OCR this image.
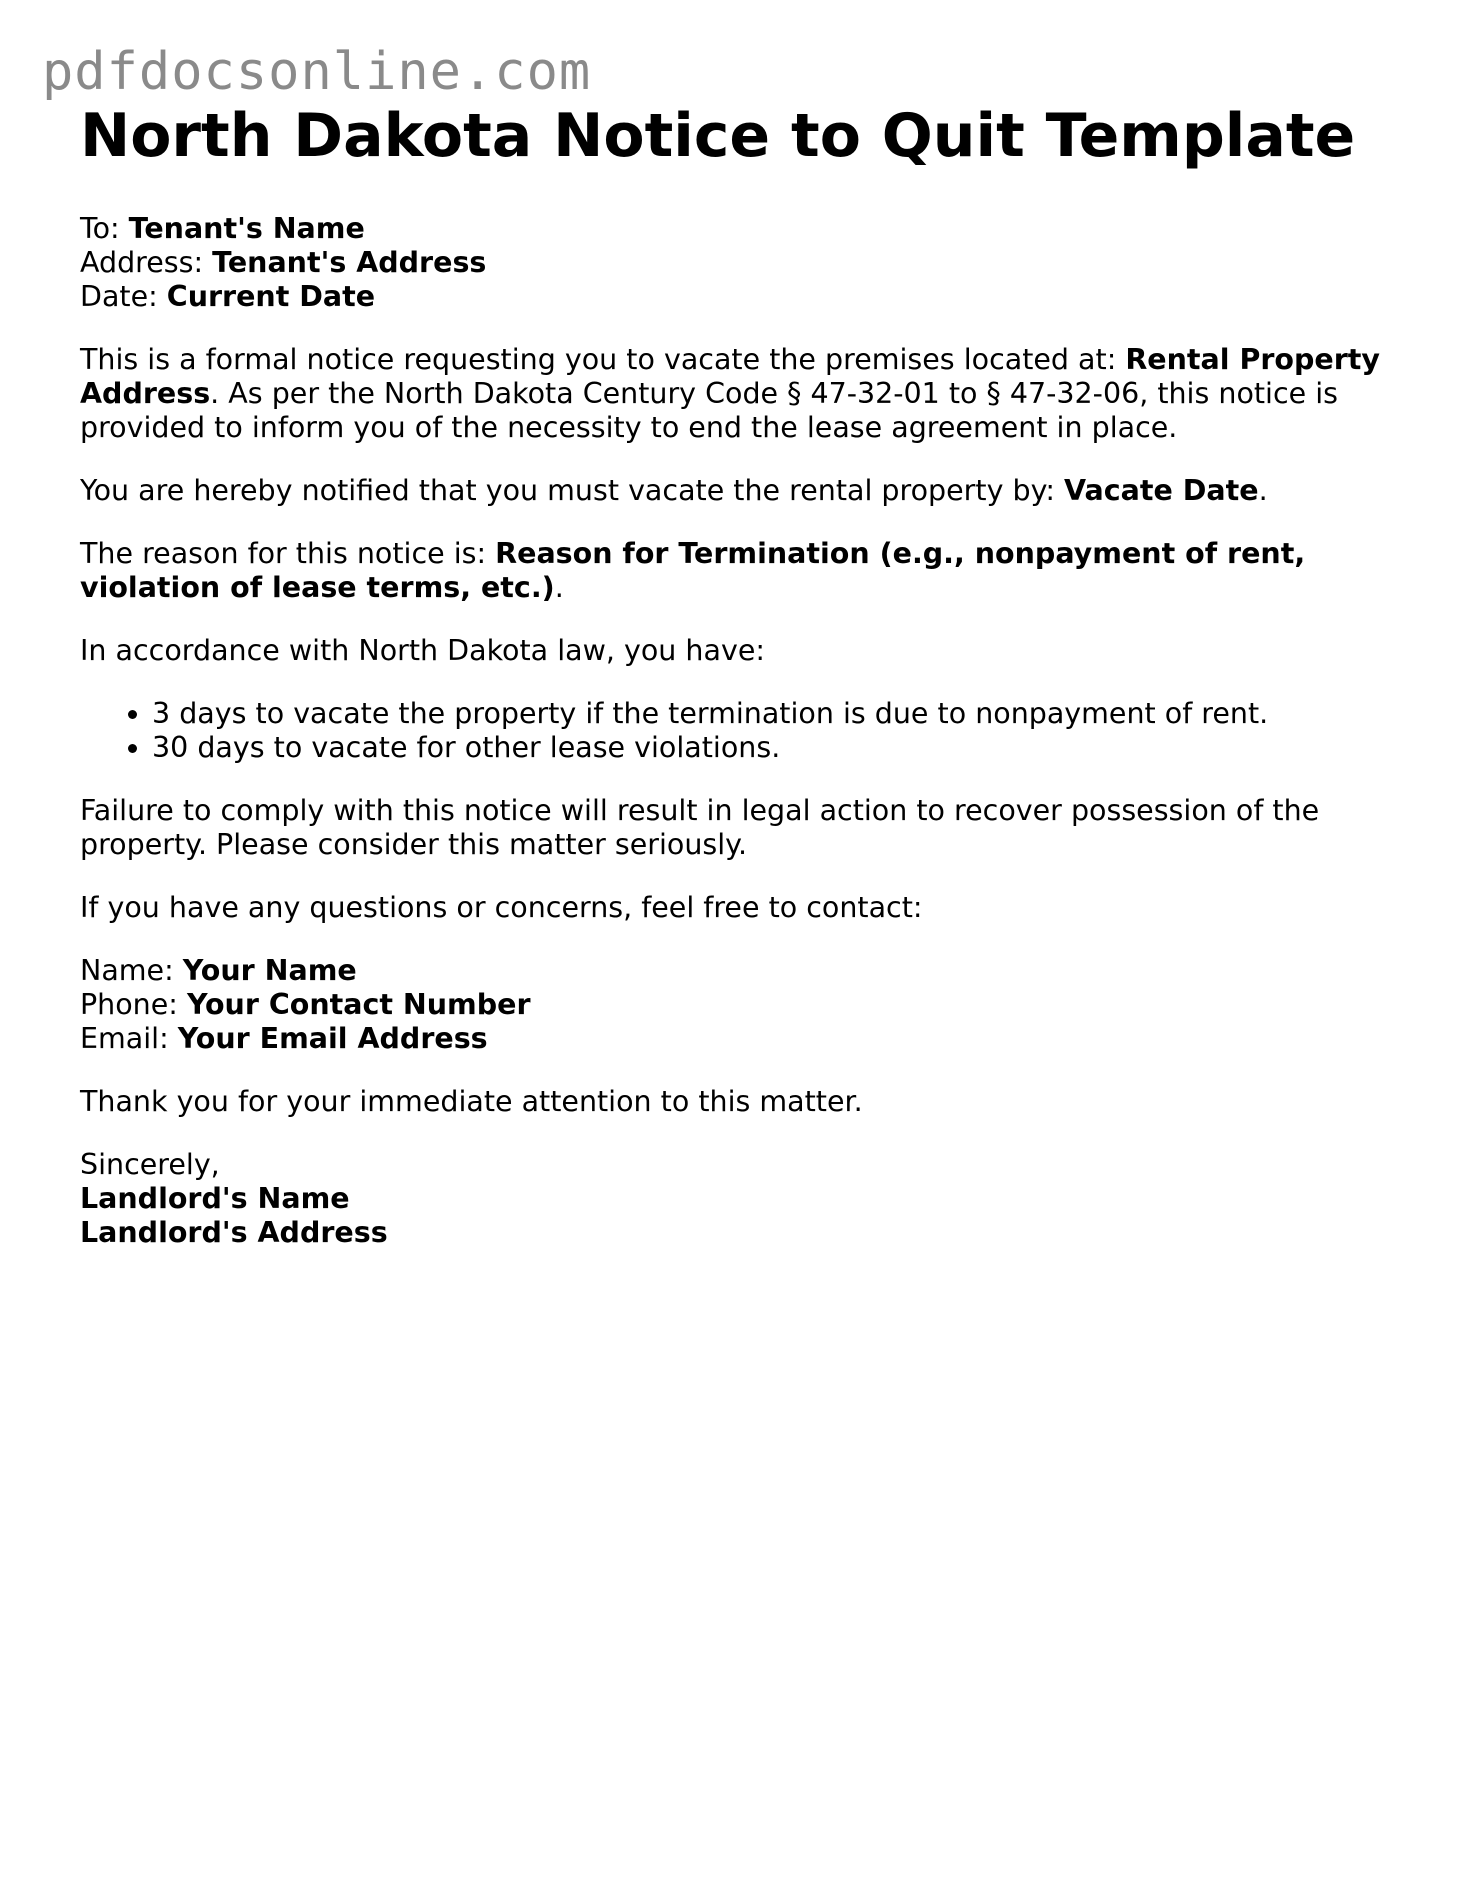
pdfdocsonline.com
North Dakota Notice to Quit Template
To: Tenant's Name
Address: Tenant's Address
Date: Current Date

This is a formal notice requesting you to vacate the premises located at: Rental Property Address. As per the North Dakota Century Code § 47-32-01 to § 47-32-06, this notice is provided to inform you of the necessity to end the lease agreement in place.

You are hereby notified that you must vacate the rental property by: Vacate Date.

The reason for this notice is: Reason for Termination (e.g., nonpayment of rent, violation of lease terms, etc.).

In accordance with North Dakota law, you have:

• 3 days to vacate the property if the termination is due to nonpayment of rent.
• 30 days to vacate for other lease violations.

Failure to comply with this notice will result in legal action to recover possession of the property. Please consider this matter seriously.

If you have any questions or concerns, feel free to contact:

Name: Your Name
Phone: Your Contact Number
Email: Your Email Address

Thank you for your immediate attention to this matter.

Sincerely,
Landlord's Name
Landlord's Address
